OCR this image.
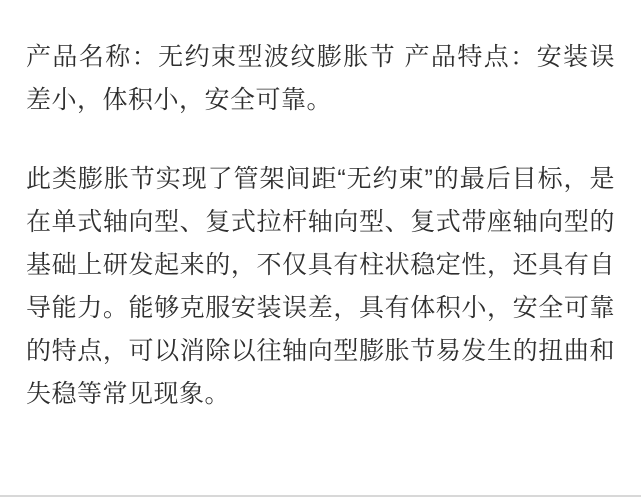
产品名称：无约束型波纹膨胀节 产品特点：安装误差小，体积小，安全可靠。

此类膨胀节实现了管架间距“无约束”的最后目标，是在单式轴向型、复式拉杆轴向型、复式带座轴向型的基础上研发起来的，不仅具有柱状稳定性，还具有自导能力。能够克服安装误差，具有体积小，安全可靠的特点，可以消除以往轴向型膨胀节易发生的扭曲和失稳等常见现象。
